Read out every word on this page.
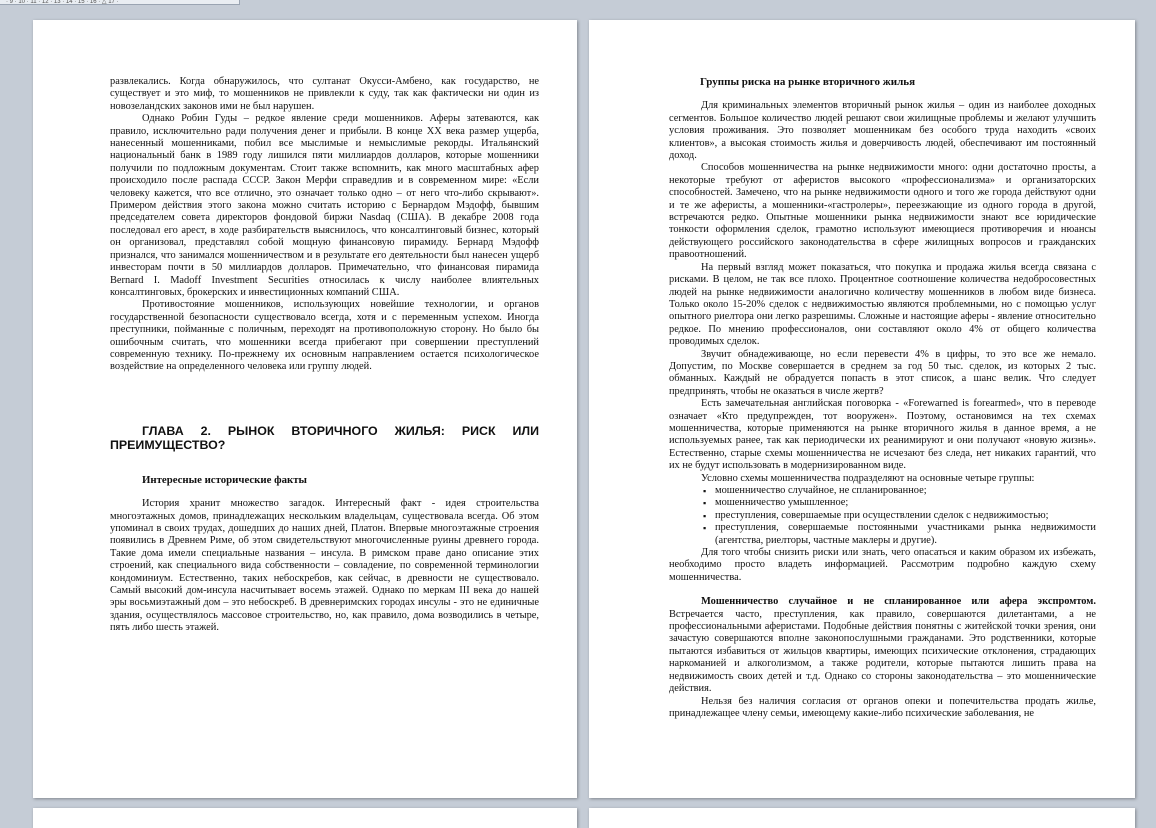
· 9 · 10 · 11 · 12 · 13 · 14 · 15 · 16 · △ 17 ·

развлекались. Когда обнаружилось, что султанат Окусси-Амбено, как государство, не существует и это миф, то мошенников не привлекли к суду, так как фактически ни один из новозеландских законов ими не был нарушен.

Однако Робин Гуды – редкое явление среди мошенников. Аферы затеваются, как правило, исключительно ради получения денег и прибыли. В конце XX века размер ущерба, нанесенный мошенниками, побил все мыслимые и немыслимые рекорды. Итальянский национальный банк в 1989 году лишился пяти миллиардов долларов, которые мошенники получили по подложным документам. Стоит также вспомнить, как много масштабных афер происходило после распада СССР. Закон Мерфи справедлив и в современном мире: «Если человеку кажется, что все отлично, это означает только одно – от него что-либо скрывают». Примером действия этого закона можно считать историю с Бернардом Мэдофф, бывшим председателем совета директоров фондовой биржи Nasdaq (США). В декабре 2008 года последовал его арест, в ходе разбирательств выяснилось, что консалтинговый бизнес, который он организовал, представлял собой мощную финансовую пирамиду. Бернард Мэдофф признался, что занимался мошенничеством и в результате его деятельности был нанесен ущерб инвесторам почти в 50 миллиардов долларов. Примечательно, что финансовая пирамида Bernard I. Madoff Investment Securities относилась к числу наиболее влиятельных консалтинговых, брокерских и инвестиционных компаний США.

Противостояние мошенников, использующих новейшие технологии, и органов государственной безопасности существовало всегда, хотя и с переменным успехом. Иногда преступники, пойманные с поличным, переходят на противоположную сторону. Но было бы ошибочным считать, что мошенники всегда прибегают при совершении преступлений современную технику. По-прежнему их основным направлением остается психологическое воздействие на определенного человека или группу людей.

ГЛАВА 2. РЫНОК ВТОРИЧНОГО ЖИЛЬЯ: РИСК ИЛИ ПРЕИМУЩЕСТВО?
Интересные исторические факты

История хранит множество загадок. Интересный факт - идея строительства многоэтажных домов, принадлежащих нескольким владельцам, существовала всегда. Об этом упоминал в своих трудах, дошедших до наших дней, Платон. Впервые многоэтажные строения появились в Древнем Риме, об этом свидетельствуют многочисленные руины древнего города. Такие дома имели специальные названия – инсула. В римском праве дано описание этих строений, как специального вида собственности – совладение, по современной терминологии кондоминиум. Естественно, таких небоскребов, как сейчас, в древности не существовало. Самый высокий дом-инсула насчитывает восемь этажей. Однако по меркам III века до нашей эры восьмиэтажный дом – это небоскреб. В древнеримских городах инсулы - это не единичные здания, осуществлялось массовое строительство, но, как правило, дома возводились в четыре, пять либо шесть этажей.

Группы риска на рынке вторичного жилья

Для криминальных элементов вторичный рынок жилья – один из наиболее доходных сегментов. Большое количество людей решают свои жилищные проблемы и желают улучшить условия проживания. Это позволяет мошенникам без особого труда находить «своих клиентов», а высокая стоимость жилья и доверчивость людей, обеспечивают им постоянный доход.

Способов мошенничества на рынке недвижимости много: одни достаточно просты, а некоторые требуют от аферистов высокого «профессионализма» и организаторских способностей. Замечено, что на рынке недвижимости одного и того же города действуют одни и те же аферисты, а мошенники-«гастролеры», переезжающие из одного города в другой, встречаются редко. Опытные мошенники рынка недвижимости знают все юридические тонкости оформления сделок, грамотно используют имеющиеся противоречия и нюансы действующего российского законодательства в сфере жилищных вопросов и гражданских правоотношений.

На первый взгляд может показаться, что покупка и продажа жилья всегда связана с рисками. В целом, не так все плохо. Процентное соотношение количества недобросовестных людей на рынке недвижимости аналогично количеству мошенников в любом виде бизнеса. Только около 15-20% сделок с недвижимостью являются проблемными, но с помощью услуг опытного риелтора они легко разрешимы. Сложные и настоящие аферы - явление относительно редкое. По мнению профессионалов, они составляют около 4% от общего количества проводимых сделок.

Звучит обнадеживающе, но если перевести 4% в цифры, то это все же немало. Допустим, по Москве совершается в среднем за год 50 тыс. сделок, из которых 2 тыс. обманных. Каждый не обрадуется попасть в этот список, а шанс велик. Что следует предпринять, чтобы не оказаться в числе жертв?

Есть замечательная английская поговорка - «Forewarned is forearmed», что в переводе означает «Кто предупрежден, тот вооружен». Поэтому, остановимся на тех схемах мошенничества, которые применяются на рынке вторичного жилья в данное время, а не используемых ранее, так как периодически их реанимируют и они получают «новую жизнь». Естественно, старые схемы мошенничества не исчезают без следа, нет никаких гарантий, что их не будут использовать в модернизированном виде.

Условно схемы мошенничества подразделяют на основные четыре группы:

▪ мошенничество случайное, не спланированное;
▪ мошенничество умышленное;
▪ преступления, совершаемые при осуществлении сделок с недвижимостью;
▪ преступления, совершаемые постоянными участниками рынка недвижимости (агентства, риелторы, частные маклеры и другие).

Для того чтобы снизить риски или знать, чего опасаться и каким образом их избежать, необходимо просто владеть информацией. Рассмотрим подробно каждую схему мошенничества.

Мошенничество случайное и не спланированное или афера экспромтом. Встречается часто, преступления, как правило, совершаются дилетантами, а не профессиональными аферистами. Подобные действия понятны с житейской точки зрения, они зачастую совершаются вполне законопослушными гражданами. Это родственники, которые пытаются избавиться от жильцов квартиры, имеющих психические отклонения, страдающих наркоманией и алкоголизмом, а также родители, которые пытаются лишить права на недвижимость своих детей и т.д. Однако со стороны законодательства – это мошеннические действия.

Нельзя без наличия согласия от органов опеки и попечительства продать жилье, принадлежащее члену семьи, имеющему какие-либо психические заболевания, не
